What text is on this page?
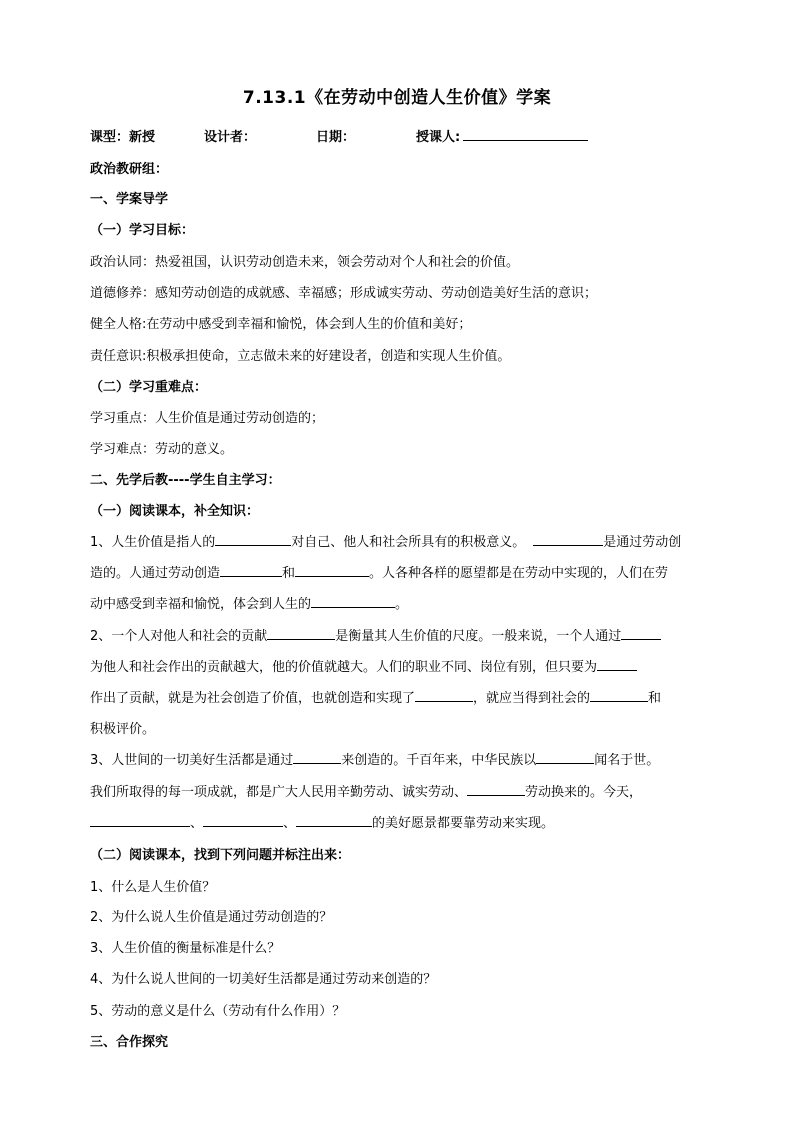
7.13.1《在劳动中创造人生价值》学案
课型：新授	设计者：	日期：	授课人:
政治教研组：
一、学案导学
（一）学习目标：
政治认同：热爱祖国，认识劳动创造未来，领会劳动对个人和社会的价值。
道德修养：感知劳动创造的成就感、幸福感；形成诚实劳动、劳动创造美好生活的意识；
健全人格:在劳动中感受到幸福和愉悦，体会到人生的价值和美好；
责任意识:积极承担使命，立志做未来的好建设者，创造和实现人生价值。
（二）学习重难点：
学习重点：人生价值是通过劳动创造的；
学习难点：劳动的意义。
二、先学后教----学生自主学习：
（一）阅读课本，补全知识：
1、人生价值是指人的	对自己、他人和社会所具有的积极意义。	是通过劳动创
造的。人通过劳动创造	和	。人各种各样的愿望都是在劳动中实现的，人们在劳
动中感受到幸福和愉悦，体会到人生的	。
2、一个人对他人和社会的贡献	是衡量其人生价值的尺度。一般来说，一个人通过
为他人和社会作出的贡献越大，他的价值就越大。人们的职业不同、岗位有别，但只要为
作出了贡献，就是为社会创造了价值，也就创造和实现了	，就应当得到社会的	和
积极评价。
3、人世间的一切美好生活都是通过	来创造的。千百年来，中华民族以	闻名于世。
我们所取得的每一项成就，都是广大人民用辛勤劳动、诚实劳动、	劳动换来的。今天，
、	、	的美好愿景都要靠劳动来实现。
（二）阅读课本，找到下列问题并标注出来：
1、什么是人生价值？
2、为什么说人生价值是通过劳动创造的？
3、人生价值的衡量标准是什么？
4、为什么说人世间的一切美好生活都是通过劳动来创造的？
5、劳动的意义是什么（劳动有什么作用）？
三、合作探究
